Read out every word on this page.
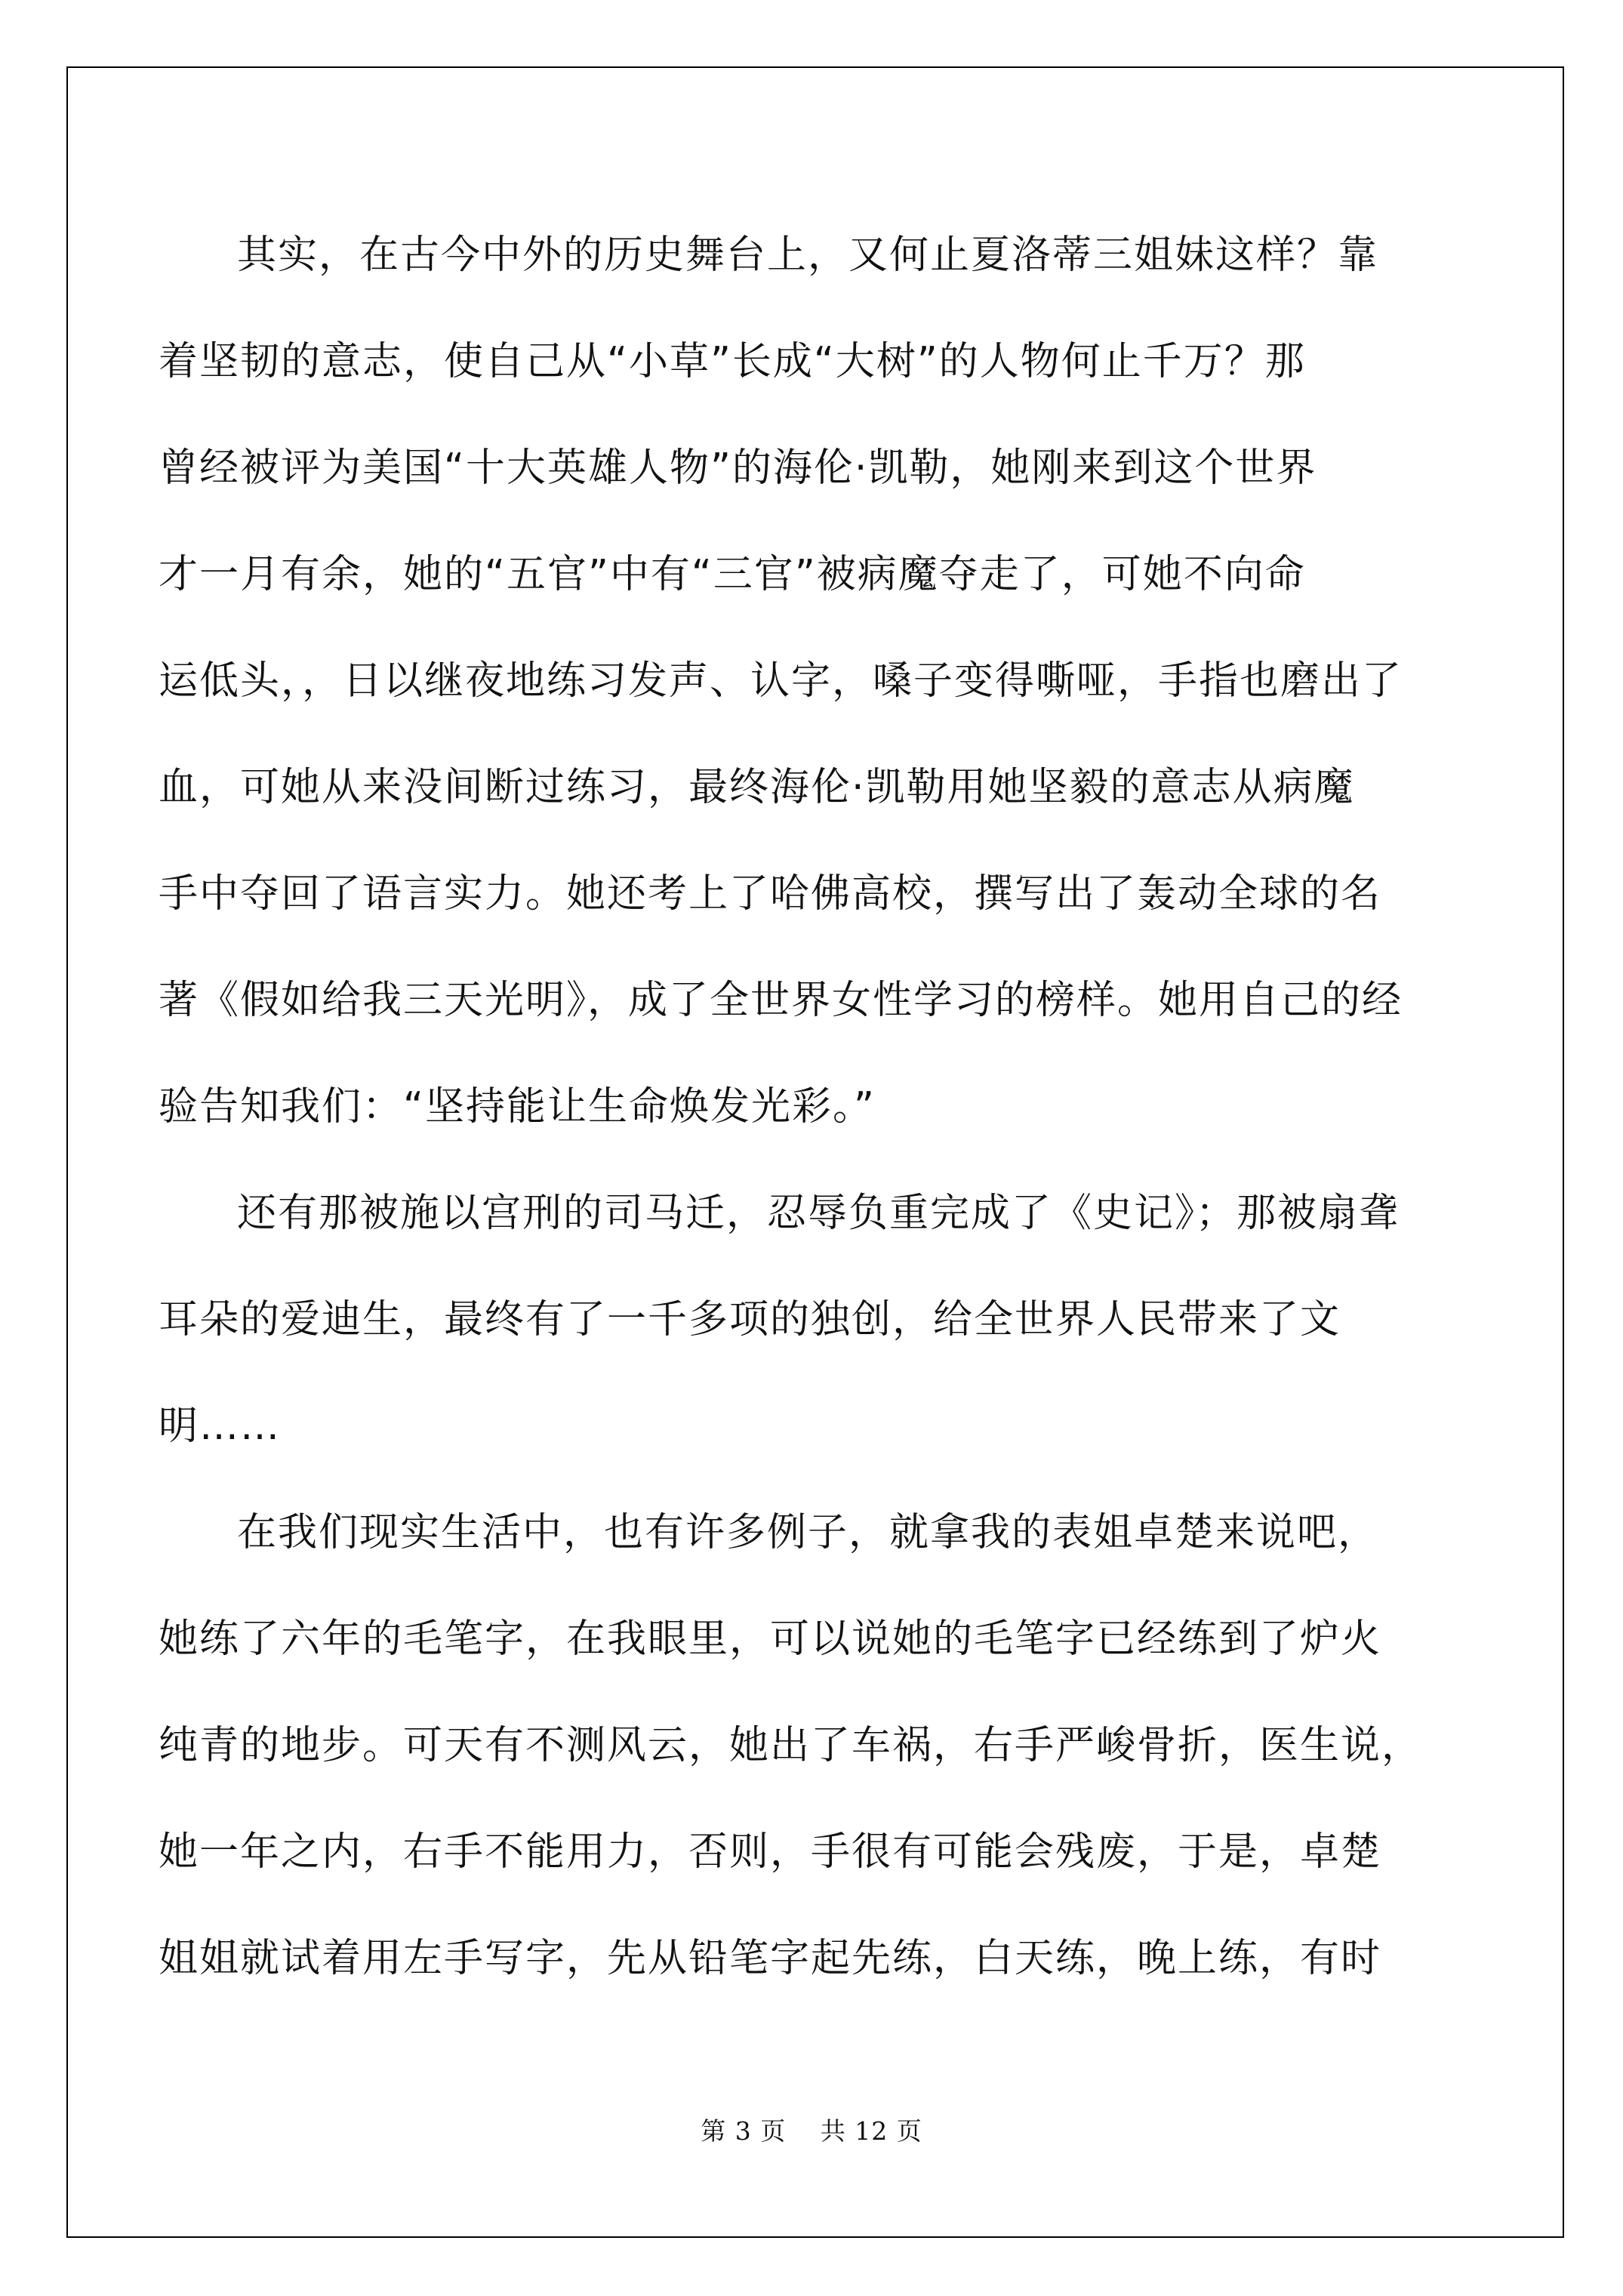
其实，在古今中外的历史舞台上，又何止夏洛蒂三姐妹这样？靠
着坚韧的意志，使自己从“小草”长成“大树”的人物何止千万？那
曾经被评为美国“十大英雄人物”的海伦·凯勒，她刚来到这个世界
才一月有余，她的“五官”中有“三官”被病魔夺走了，可她不向命
运低头，，日以继夜地练习发声、认字，嗓子变得嘶哑，手指也磨出了
血，可她从来没间断过练习，最终海伦·凯勒用她坚毅的意志从病魔
手中夺回了语言实力。她还考上了哈佛高校，撰写出了轰动全球的名
著《假如给我三天光明》，成了全世界女性学习的榜样。她用自己的经
验告知我们：“坚持能让生命焕发光彩。”
还有那被施以宫刑的司马迁，忍辱负重完成了《史记》；那被扇聋
耳朵的爱迪生，最终有了一千多项的独创，给全世界人民带来了文
明……
在我们现实生活中，也有许多例子，就拿我的表姐卓楚来说吧，
她练了六年的毛笔字，在我眼里，可以说她的毛笔字已经练到了炉火
纯青的地步。可天有不测风云，她出了车祸，右手严峻骨折，医生说，
她一年之内，右手不能用力，否则，手很有可能会残废，于是，卓楚
姐姐就试着用左手写字，先从铅笔字起先练，白天练，晚上练，有时
第 3 页　 共 12 页
